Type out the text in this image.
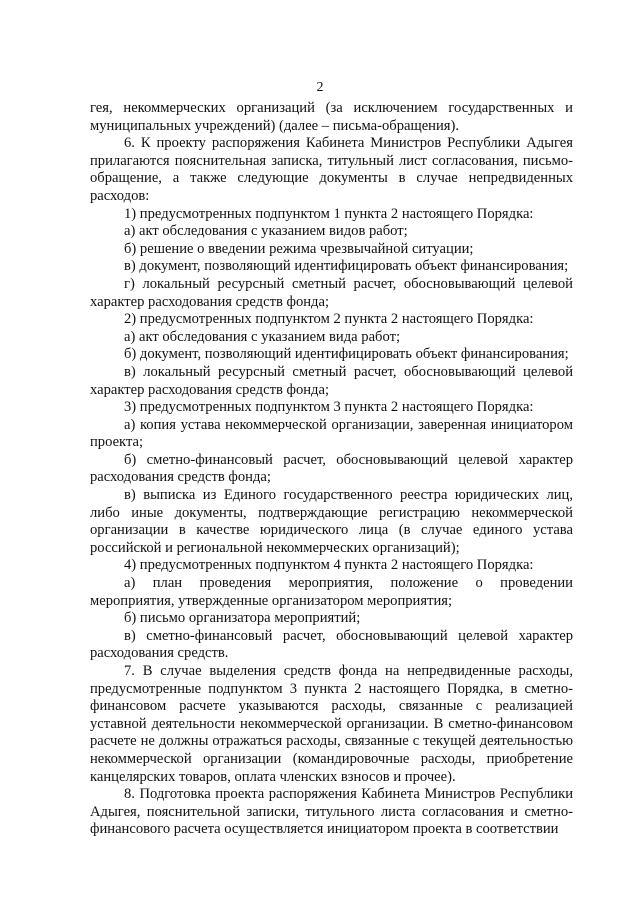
2

гея, некоммерческих организаций (за исключением государственных и муниципальных учреждений) (далее – письма-обращения).

6. К проекту распоряжения Кабинета Министров Республики Адыгея прилагаются пояснительная записка, титульный лист согласования, письмо-обращение, а также следующие документы в случае непредвиденных расходов:

1) предусмотренных подпунктом 1 пункта 2 настоящего Порядка:

а) акт обследования с указанием видов работ;

б) решение о введении режима чрезвычайной ситуации;

в) документ, позволяющий идентифицировать объект финансирования;

г) локальный ресурсный сметный расчет, обосновывающий целевой характер расходования средств фонда;

2) предусмотренных подпунктом 2 пункта 2 настоящего Порядка:

а) акт обследования с указанием вида работ;

б) документ, позволяющий идентифицировать объект финансирования;

в) локальный ресурсный сметный расчет, обосновывающий целевой характер расходования средств фонда;

3) предусмотренных подпунктом 3 пункта 2 настоящего Порядка:

а) копия устава некоммерческой организации, заверенная инициатором проекта;

б) сметно-финансовый расчет, обосновывающий целевой характер расходования средств фонда;

в) выписка из Единого государственного реестра юридических лиц, либо иные документы, подтверждающие регистрацию некоммерческой организации в качестве юридического лица (в случае единого устава российской и региональной некоммерческих организаций);

4) предусмотренных подпунктом 4 пункта 2 настоящего Порядка:

а) план проведения мероприятия, положение о проведении мероприятия, утвержденные организатором мероприятия;

б) письмо организатора мероприятий;

в) сметно-финансовый расчет, обосновывающий целевой характер расходования средств.

7. В случае выделения средств фонда на непредвиденные расходы, предусмотренные подпунктом 3 пункта 2 настоящего Порядка, в сметно-финансовом расчете указываются расходы, связанные с реализацией уставной деятельности некоммерческой организации. В сметно-финансовом расчете не должны отражаться расходы, связанные с текущей деятельностью некоммерческой организации (командировочные расходы, приобретение канцелярских товаров, оплата членских взносов и прочее).

8. Подготовка проекта распоряжения Кабинета Министров Республики Адыгея, пояснительной записки, титульного листа согласования и сметно-финансового расчета осуществляется инициатором проекта в соответствии
